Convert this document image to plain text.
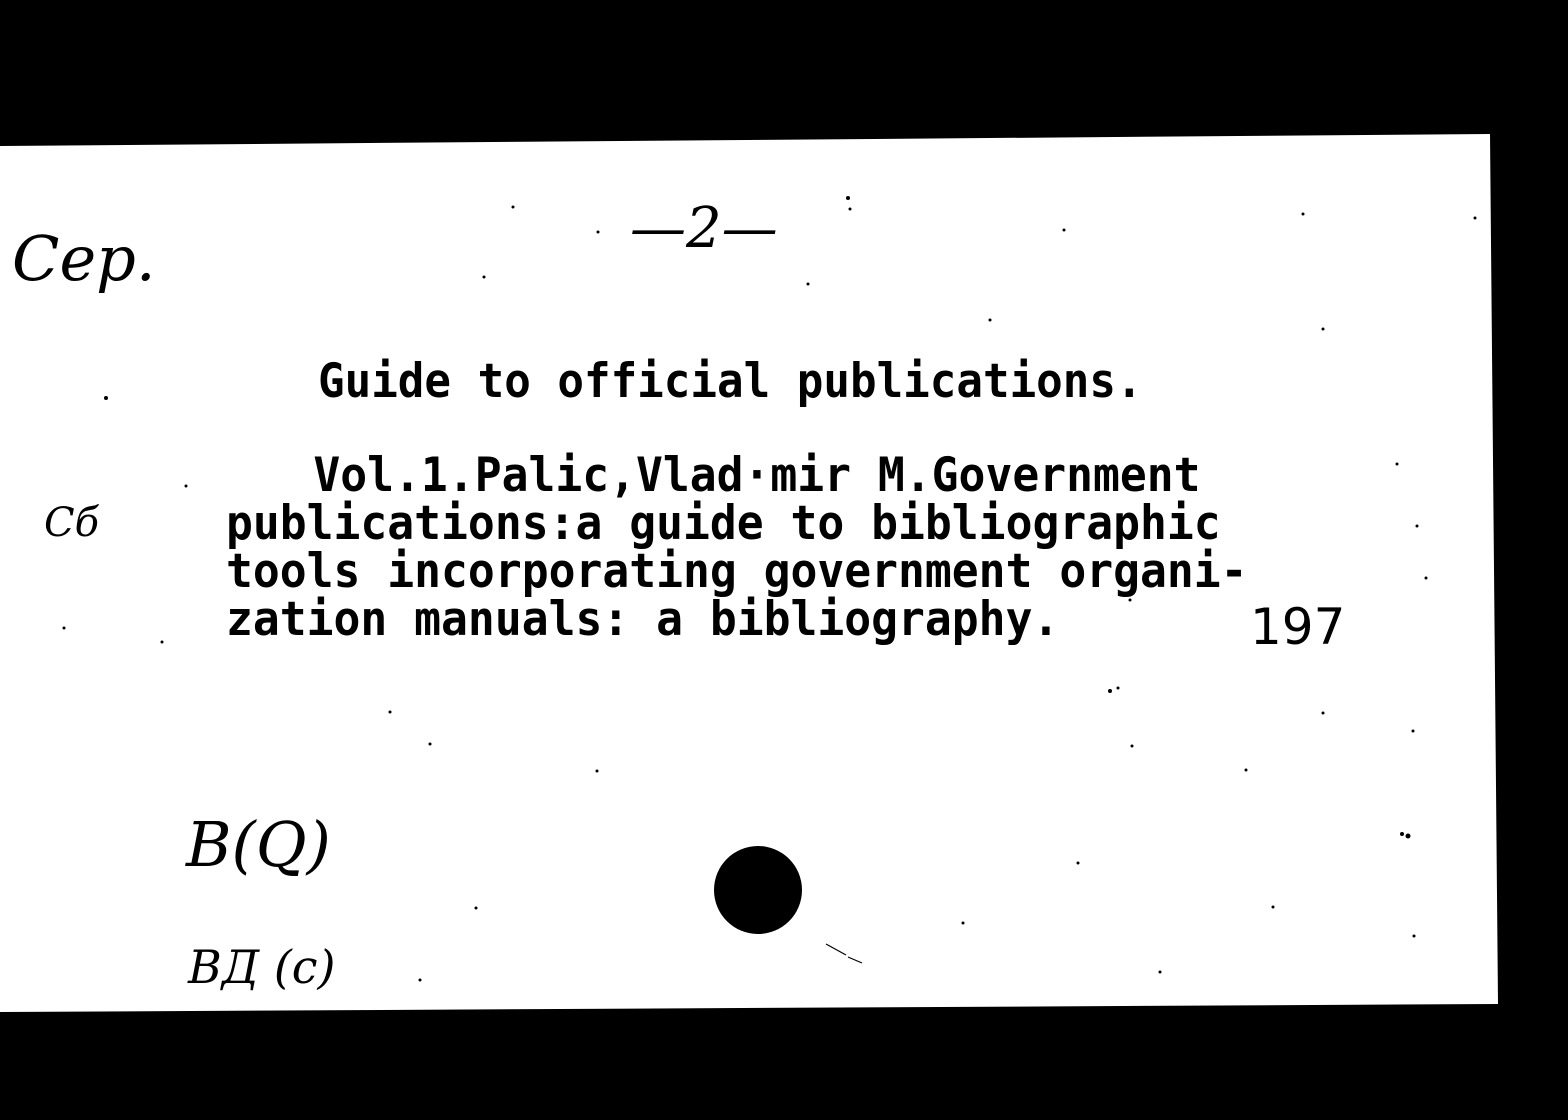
—2—

Cep.

Cб

Guide to official publications.

Vol.1.Palic,Vlad·mir M.Government
publications:a guide to bibliographic
tools incorporating government organi-
zation manuals: a bibliography.	197

B(Q)

BД (c)
